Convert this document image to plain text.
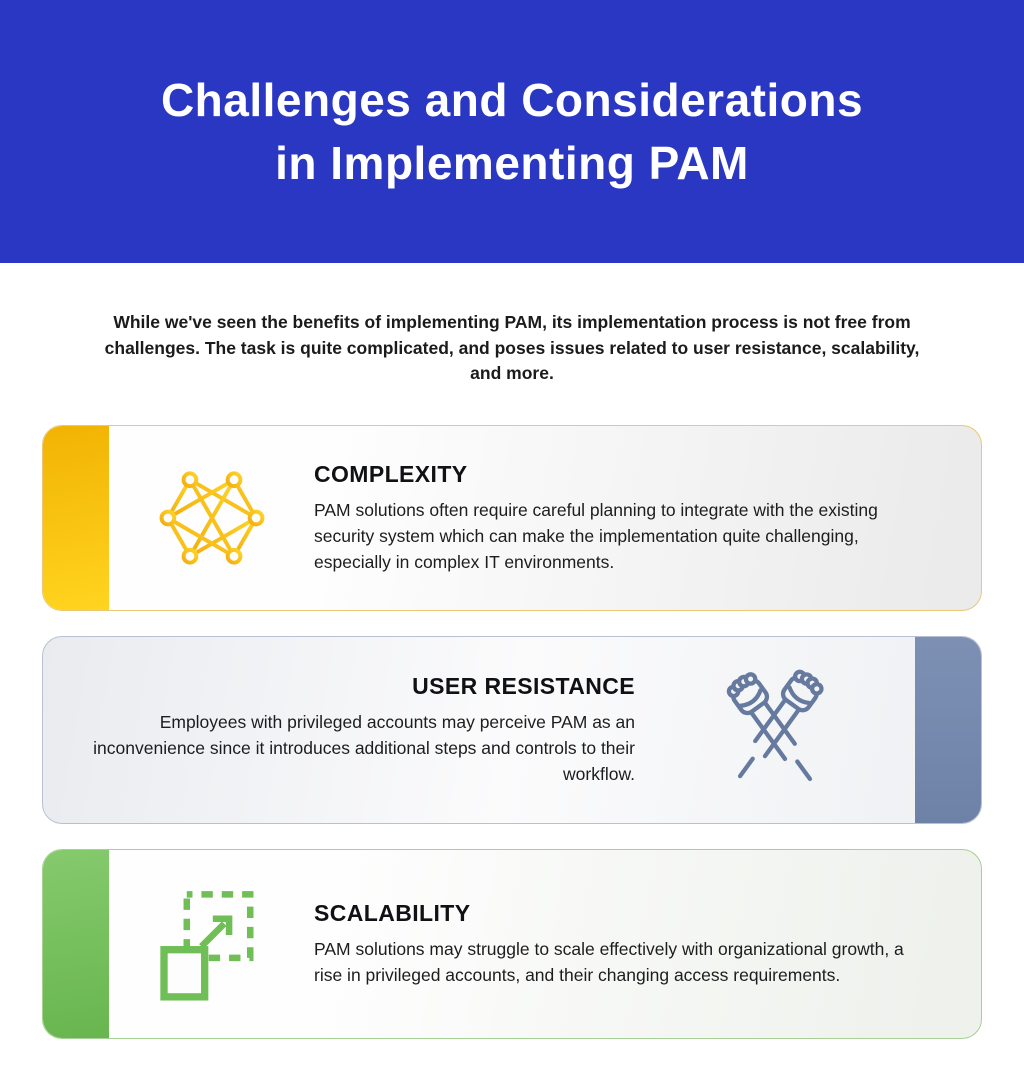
Challenges and Considerations
in Implementing PAM

While we've seen the benefits of implementing PAM, its implementation process is not free from challenges. The task is quite complicated, and poses issues related to user resistance, scalability, and more.

COMPLEXITY

PAM solutions often require careful planning to integrate with the existing security system which can make the implementation quite challenging, especially in complex IT environments.

USER RESISTANCE

Employees with privileged accounts may perceive PAM as an inconvenience since it introduces additional steps and controls to their workflow.

SCALABILITY

PAM solutions may struggle to scale effectively with organizational growth, a rise in privileged accounts, and their changing access requirements.
